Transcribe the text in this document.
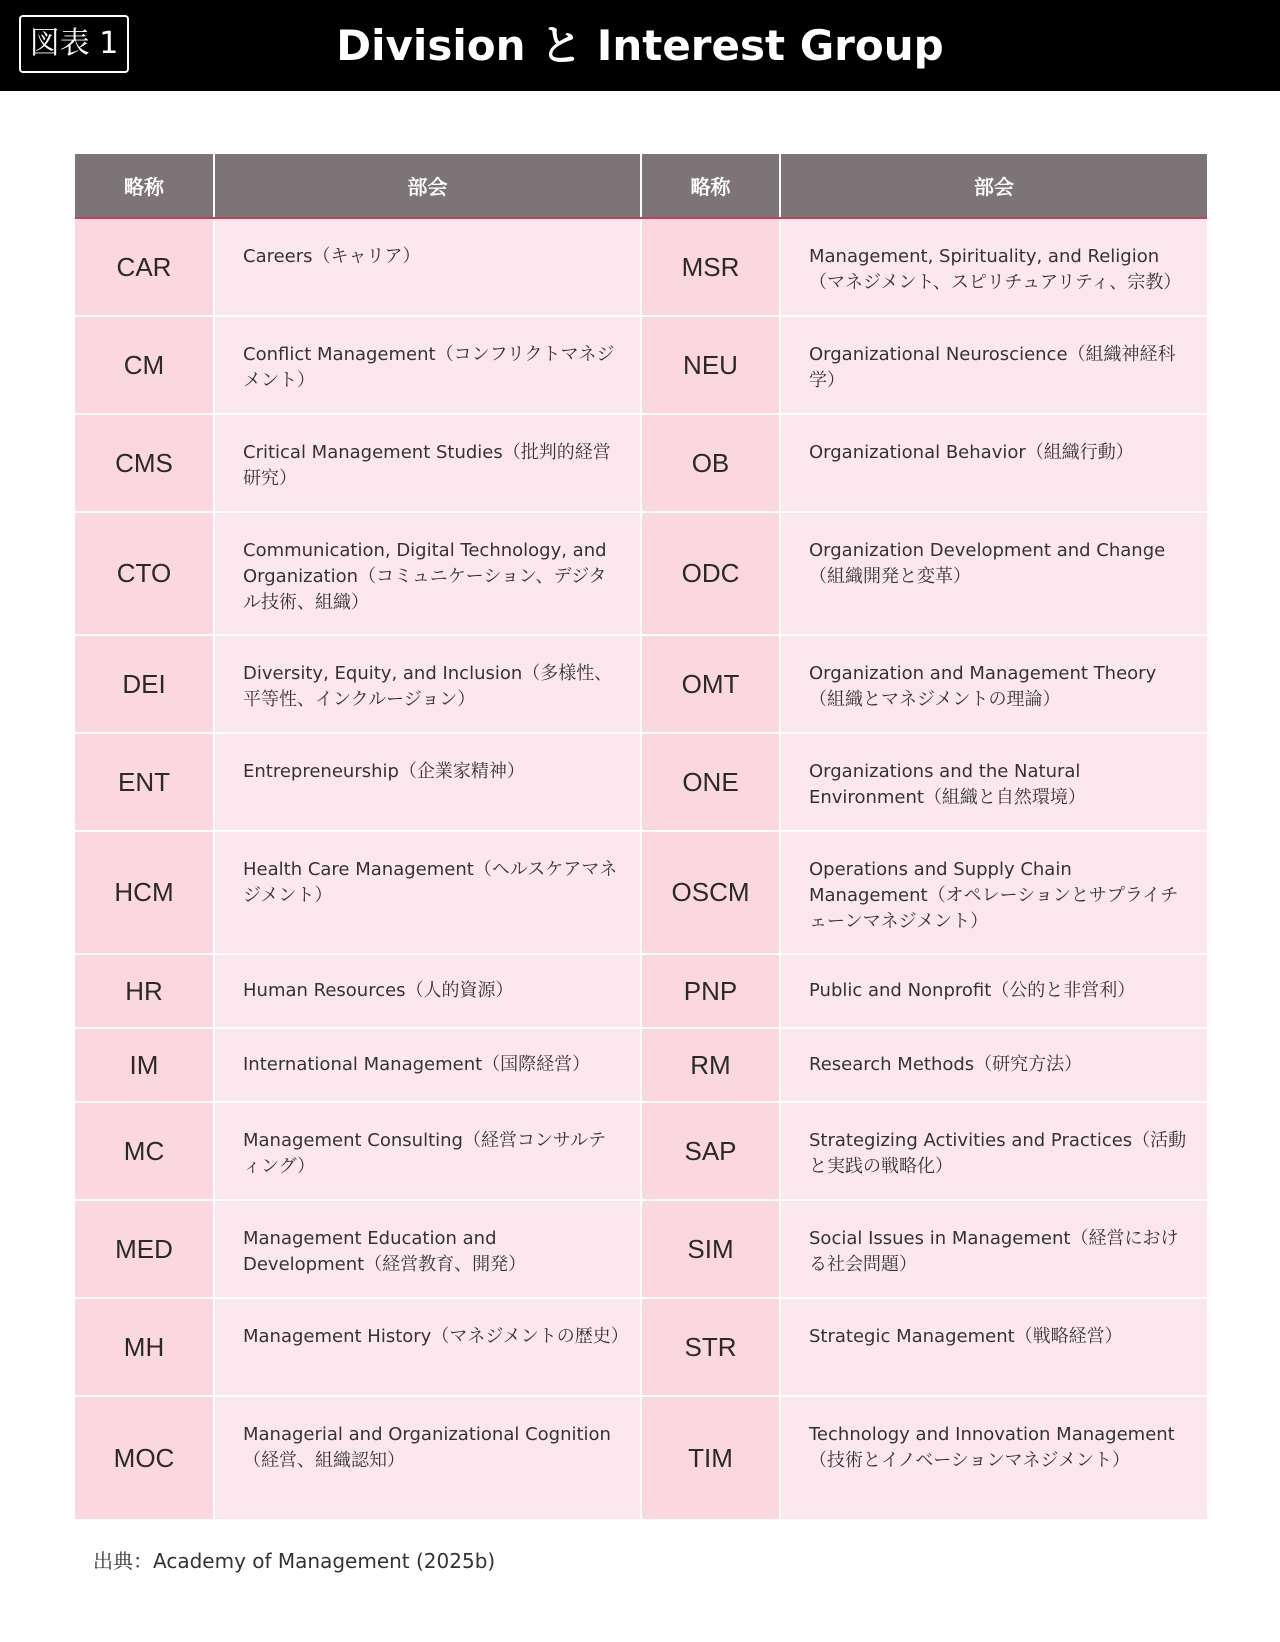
図表 1	Division と Interest Group
略称	部会	略称	部会
CAR	Careers（キャリア）	MSR	Management, Spirituality, and Religion（マネジメント、スピリチュアリティ、宗教）
CM	Conflict Management（コンフリクトマネジメント）	NEU	Organizational Neuroscience（組織神経科学）
CMS	Critical Management Studies（批判的経営研究）	OB	Organizational Behavior（組織行動）
CTO	Communication, Digital Technology, and Organization（コミュニケーション、デジタル技術、組織）	ODC	Organization Development and Change（組織開発と変革）
DEI	Diversity, Equity, and Inclusion（多様性、平等性、インクルージョン）	OMT	Organization and Management Theory（組織とマネジメントの理論）
ENT	Entrepreneurship（企業家精神）	ONE	Organizations and the Natural Environment（組織と自然環境）
HCM	Health Care Management（ヘルスケアマネジメント）	OSCM	Operations and Supply Chain Management（オペレーションとサプライチェーンマネジメント）
HR	Human Resources（人的資源）	PNP	Public and Nonprofit（公的と非営利）
IM	International Management（国際経営）	RM	Research Methods（研究方法）
MC	Management Consulting（経営コンサルティング）	SAP	Strategizing Activities and Practices（活動と実践の戦略化）
MED	Management Education and Development（経営教育、開発）	SIM	Social Issues in Management（経営における社会問題）
MH	Management History（マネジメントの歴史）	STR	Strategic Management（戦略経営）
MOC	Managerial and Organizational Cognition（経営、組織認知）	TIM	Technology and Innovation Management（技術とイノベーションマネジメント）
出典：Academy of Management (2025b)
